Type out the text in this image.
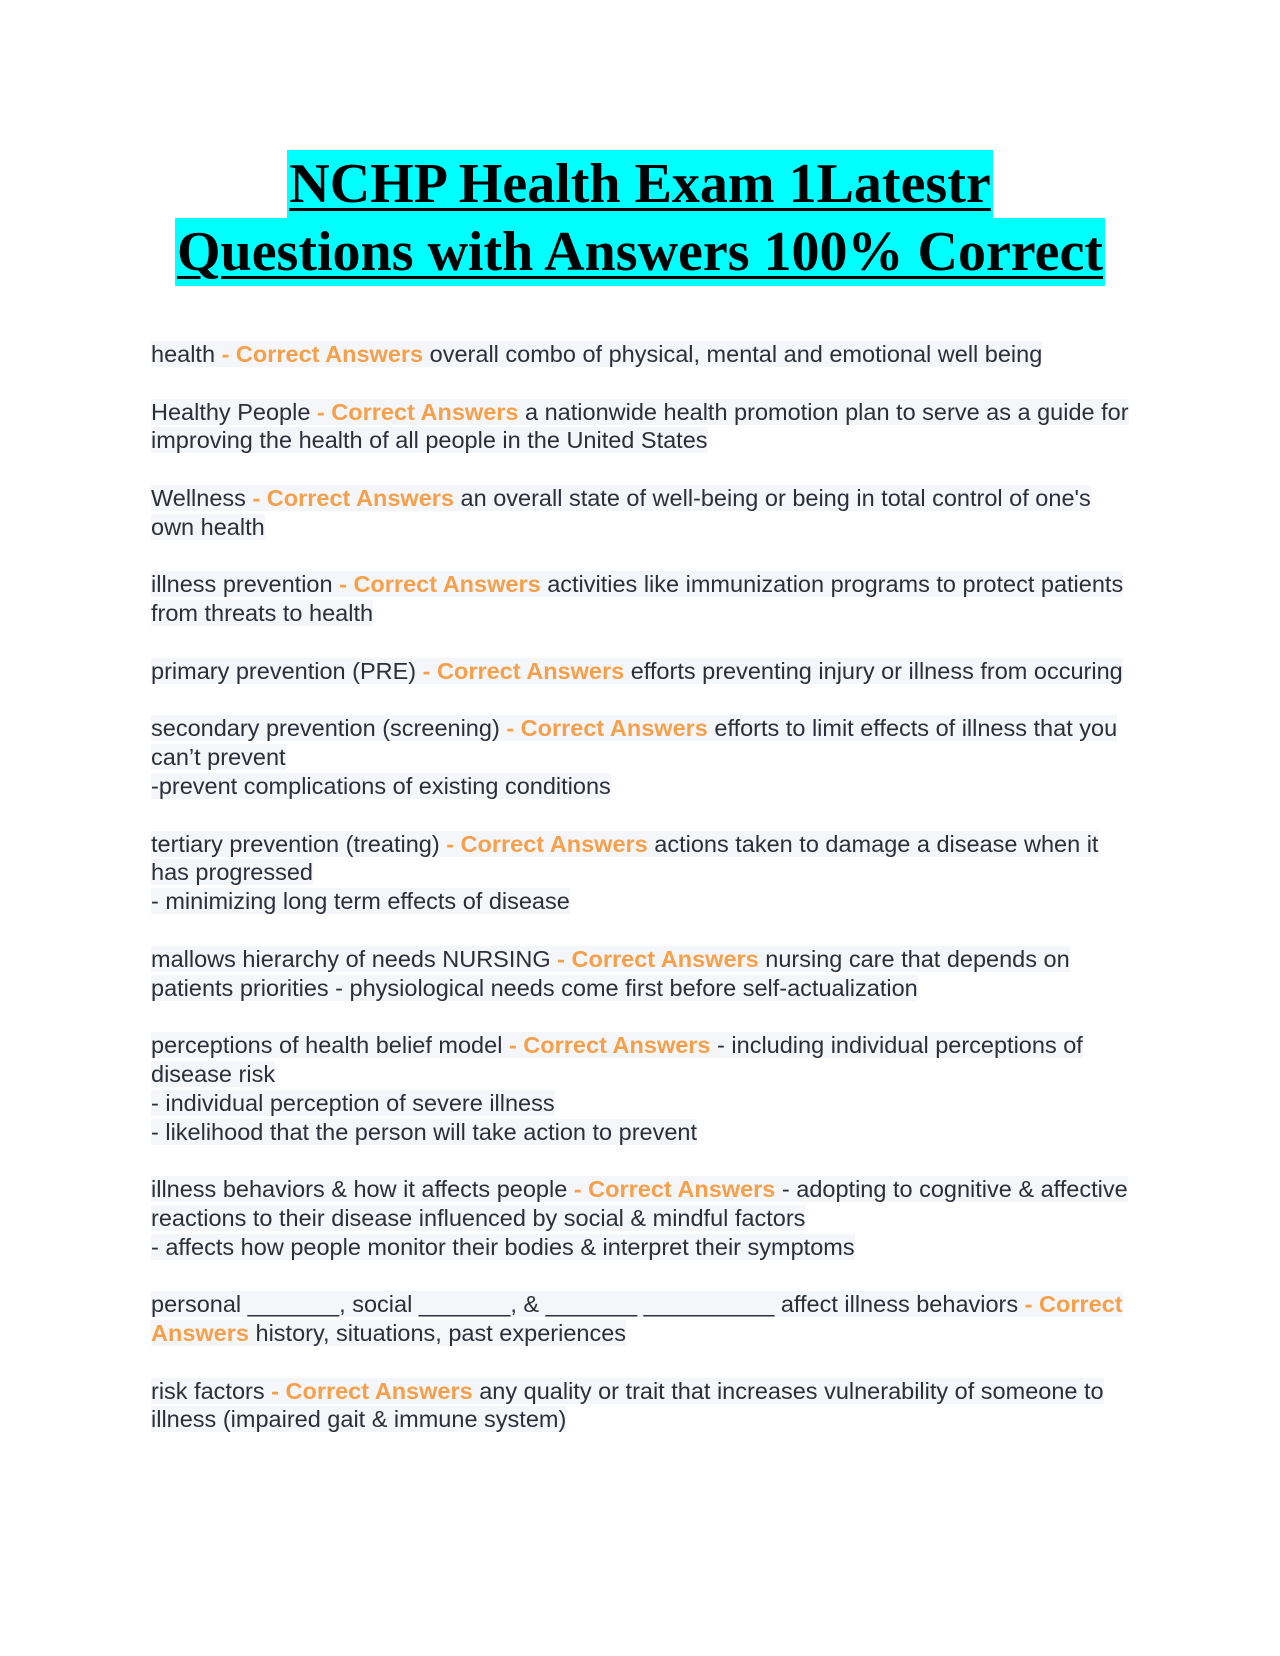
NCHP Health Exam 1Latestr
Questions with Answers 100% Correct
health - Correct Answers overall combo of physical, mental and emotional well being
Healthy People - Correct Answers a nationwide health promotion plan to serve as a guide for improving the health of all people in the United States
Wellness - Correct Answers an overall state of well-being or being in total control of one's own health
illness prevention - Correct Answers activities like immunization programs to protect patients from threats to health
primary prevention (PRE) - Correct Answers efforts preventing injury or illness from occuring
secondary prevention (screening) - Correct Answers efforts to limit effects of illness that you can’t prevent
-prevent complications of existing conditions
tertiary prevention (treating) - Correct Answers actions taken to damage a disease when it has progressed
- minimizing long term effects of disease
mallows hierarchy of needs NURSING - Correct Answers nursing care that depends on patients priorities - physiological needs come first before self-actualization
perceptions of health belief model - Correct Answers - including individual perceptions of disease risk
- individual perception of severe illness
- likelihood that the person will take action to prevent
illness behaviors & how it affects people - Correct Answers - adopting to cognitive & affective reactions to their disease influenced by social & mindful factors
- affects how people monitor their bodies & interpret their symptoms
personal _______, social _______, & _______ __________ affect illness behaviors - Correct Answers history, situations, past experiences
risk factors - Correct Answers any quality or trait that increases vulnerability of someone to illness (impaired gait & immune system)
